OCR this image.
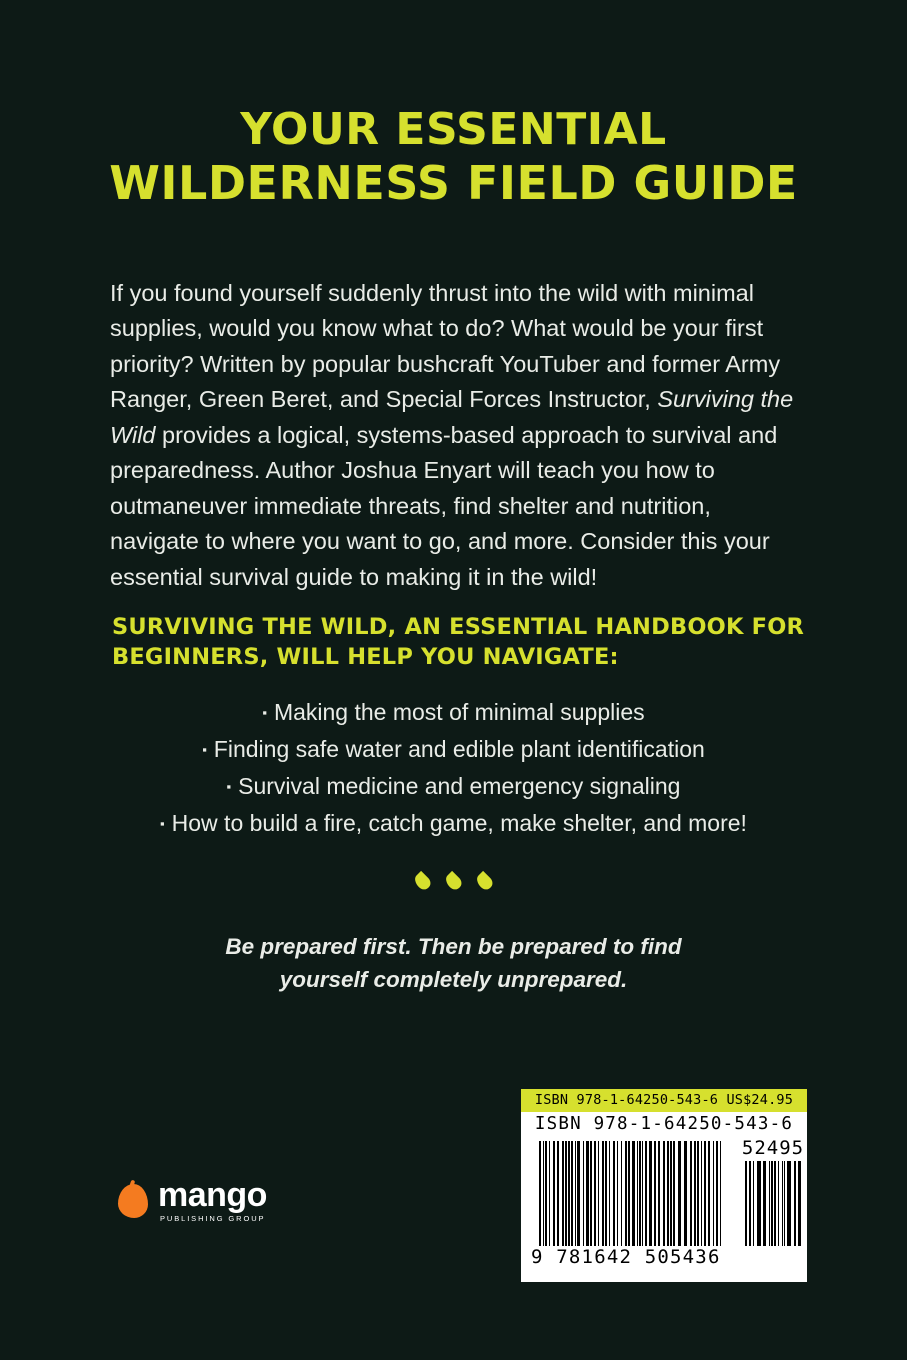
YOUR ESSENTIAL
WILDERNESS FIELD GUIDE

If you found yourself suddenly thrust into the wild with minimal supplies, would you know what to do? What would be your first priority? Written by popular bushcraft YouTuber and former Army Ranger, Green Beret, and Special Forces Instructor, Surviving the Wild provides a logical, systems-based approach to survival and preparedness. Author Joshua Enyart will teach you how to outmaneuver immediate threats, find shelter and nutrition, navigate to where you want to go, and more. Consider this your essential survival guide to making it in the wild!

SURVIVING THE WILD, AN ESSENTIAL HANDBOOK FOR BEGINNERS, WILL HELP YOU NAVIGATE:
▪ Making the most of minimal supplies
▪ Finding safe water and edible plant identification
▪ Survival medicine and emergency signaling
▪ How to build a fire, catch game, make shelter, and more!

Be prepared first. Then be prepared to find
yourself completely unprepared.
mango
PUBLISHING GROUP
ISBN 978-1-64250-543-6 US$24.95
ISBN 978-1-64250-543-6
52495
9 781642 505436
